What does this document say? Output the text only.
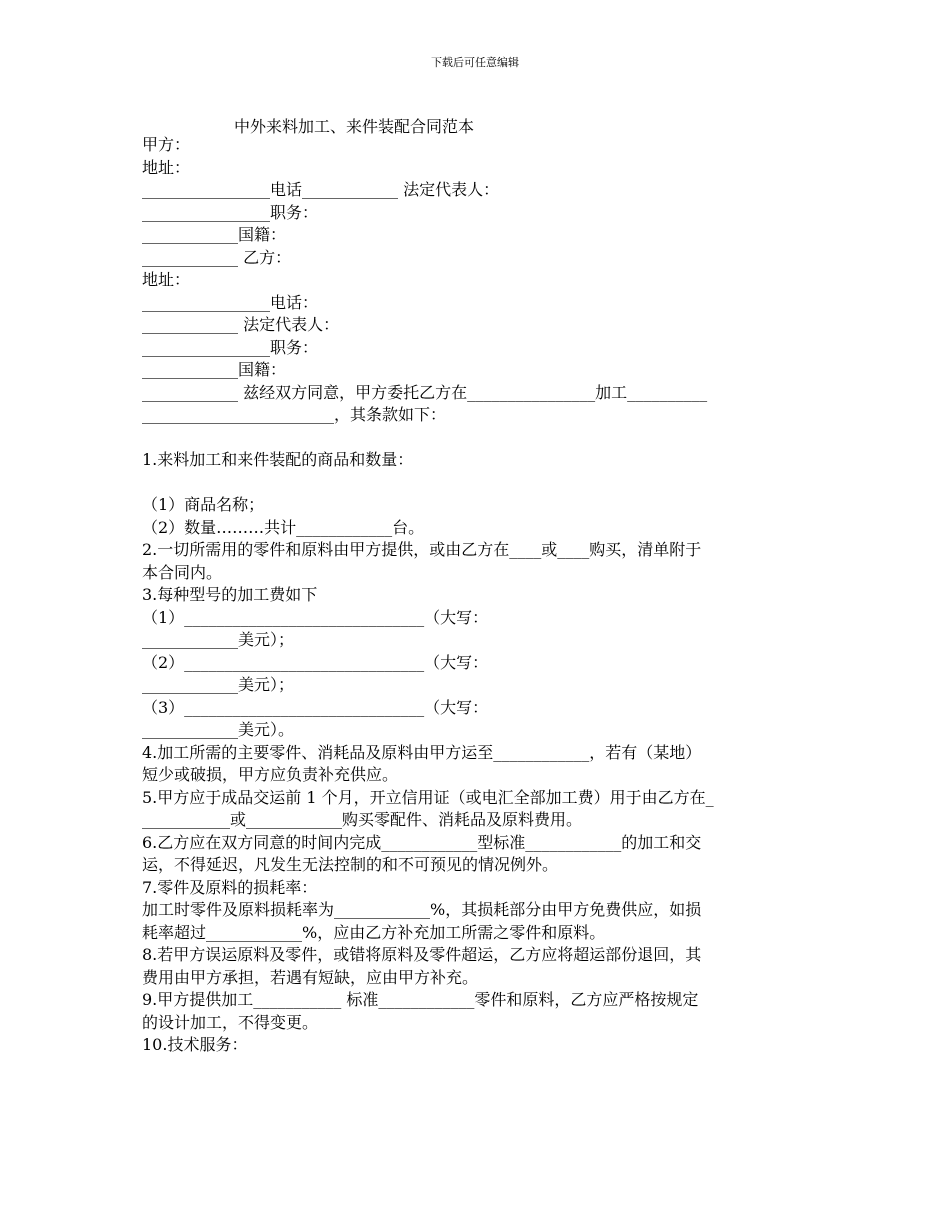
下载后可任意编辑
中外来料加工、来件装配合同范本
甲方：
地址：
________________电话____________ 法定代表人：
________________职务：
____________国籍：
____________ 乙方：
地址：
________________电话：
____________ 法定代表人：
________________职务：
____________国籍：
____________ 兹经双方同意，甲方委托乙方在________________加工__________
________________________，其条款如下：
1.来料加工和来件装配的商品和数量：
（1）商品名称；
（2）数量………共计____________台。
2.一切所需用的零件和原料由甲方提供，或由乙方在____或____购买，清单附于
本合同内。
3.每种型号的加工费如下
（1）______________________________（大写：
____________美元）；
（2）______________________________（大写：
____________美元）；
（3）______________________________（大写：
____________美元）。
4.加工所需的主要零件、消耗品及原料由甲方运至____________，若有（某地）
短少或破损，甲方应负责补充供应。
5.甲方应于成品交运前 1 个月，开立信用证（或电汇全部加工费）用于由乙方在_
___________或____________购买零配件、消耗品及原料费用。
6.乙方应在双方同意的时间内完成____________型标准____________的加工和交
运，不得延迟，凡发生无法控制的和不可预见的情况例外。
7.零件及原料的损耗率：
加工时零件及原料损耗率为____________%，其损耗部分由甲方免费供应，如损
耗率超过____________%，应由乙方补充加工所需之零件和原料。
8.若甲方误运原料及零件，或错将原料及零件超运，乙方应将超运部份退回，其
费用由甲方承担，若遇有短缺，应由甲方补充。
9.甲方提供加工___________ 标准____________零件和原料，乙方应严格按规定
的设计加工，不得变更。
10.技术服务：
